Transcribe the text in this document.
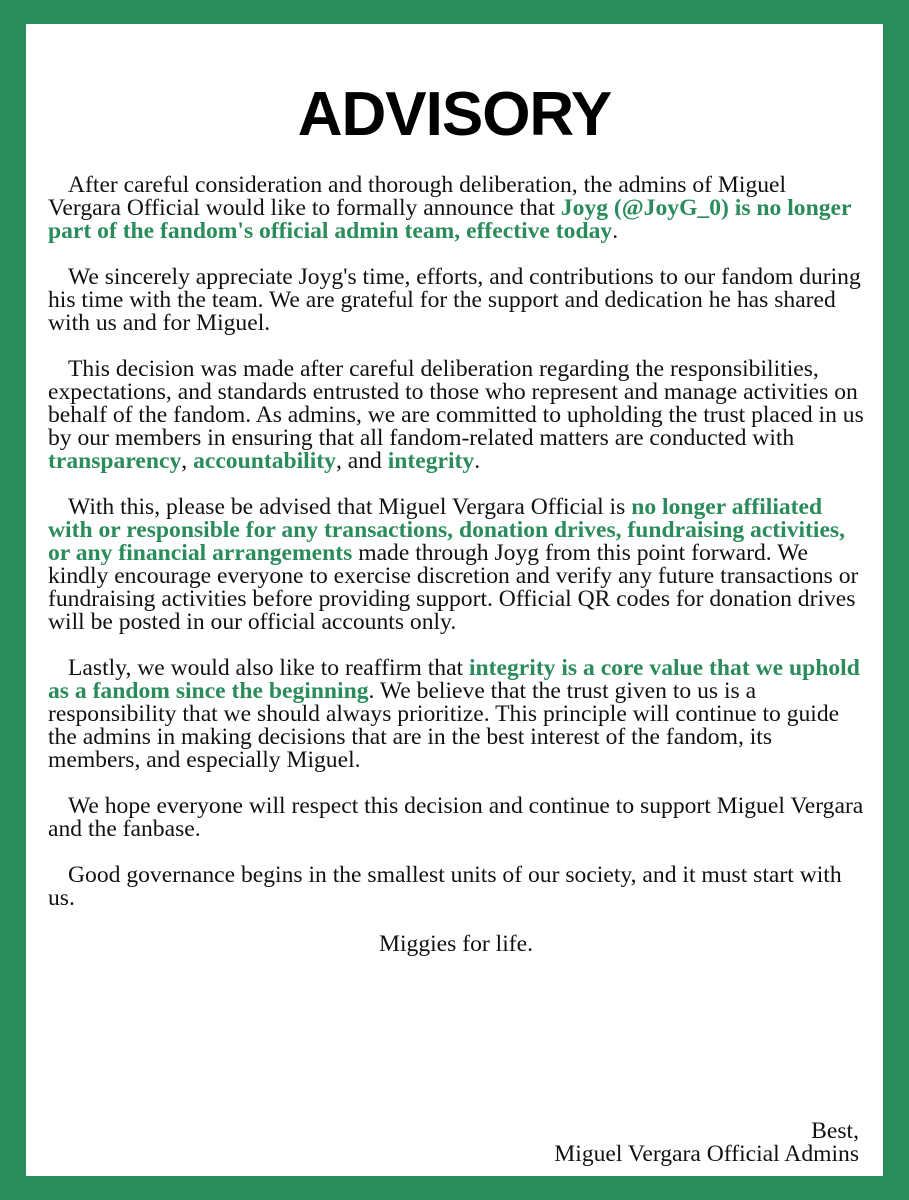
ADVISORY

After careful consideration and thorough deliberation, the admins of Miguel Vergara Official would like to formally announce that Joyg (@JoyG_0) is no longer part of the fandom's official admin team, effective today.

We sincerely appreciate Joyg's time, efforts, and contributions to our fandom during his time with the team. We are grateful for the support and dedication he has shared with us and for Miguel.

This decision was made after careful deliberation regarding the responsibilities, expectations, and standards entrusted to those who represent and manage activities on behalf of the fandom. As admins, we are committed to upholding the trust placed in us by our members in ensuring that all fandom-related matters are conducted with transparency, accountability, and integrity.

With this, please be advised that Miguel Vergara Official is no longer affiliated with or responsible for any transactions, donation drives, fundraising activities, or any financial arrangements made through Joyg from this point forward. We kindly encourage everyone to exercise discretion and verify any future transactions or fundraising activities before providing support. Official QR codes for donation drives will be posted in our official accounts only.

Lastly, we would also like to reaffirm that integrity is a core value that we uphold as a fandom since the beginning. We believe that the trust given to us is a responsibility that we should always prioritize. This principle will continue to guide the admins in making decisions that are in the best interest of the fandom, its members, and especially Miguel.

We hope everyone will respect this decision and continue to support Miguel Vergara and the fanbase.

Good governance begins in the smallest units of our society, and it must start with us.

Miggies for life.

Best,
Miguel Vergara Official Admins
